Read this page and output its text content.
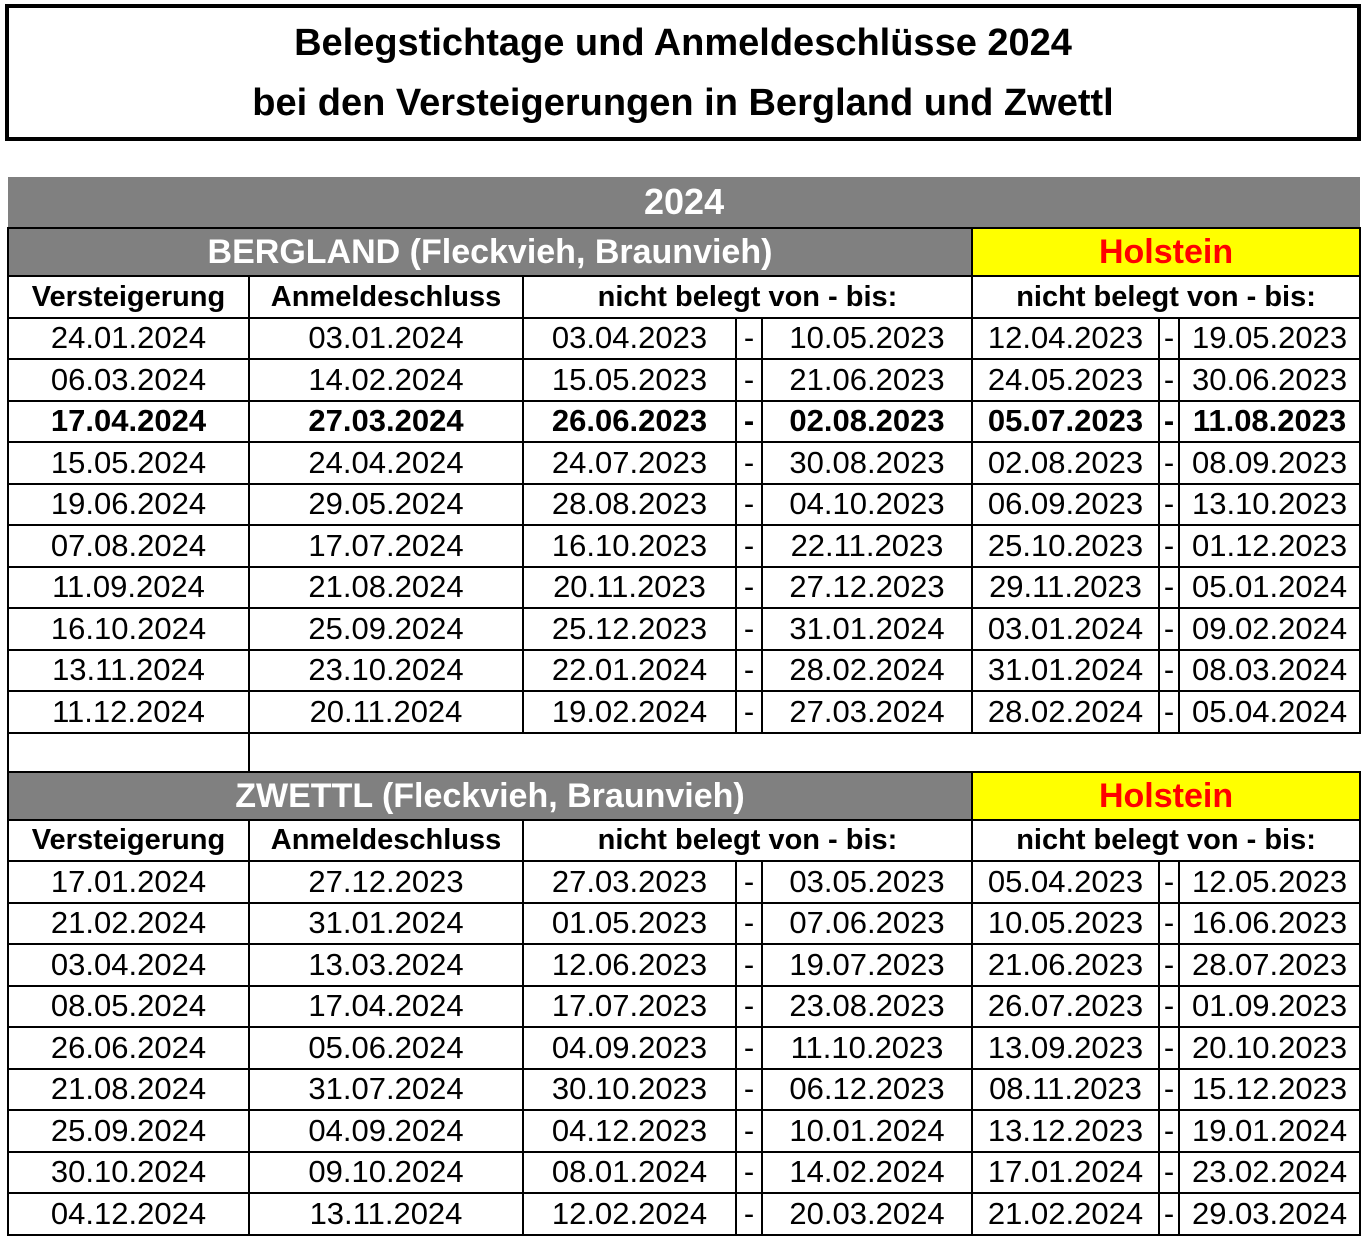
Belegstichtage und Anmeldeschlüsse 2024
bei den Versteigerungen in Bergland und Zwettl
2024							
BERGLAND (Fleckvieh, Braunvieh)					Holstein		
Versteigerung	Anmeldeschluss	nicht belegt von - bis:			nicht belegt von - bis:		
24.01.2024	03.01.2024	03.04.2023	-	10.05.2023	12.04.2023	-	19.05.2023
06.03.2024	14.02.2024	15.05.2023	-	21.06.2023	24.05.2023	-	30.06.2023
17.04.2024	27.03.2024	26.06.2023	-	02.08.2023	05.07.2023	-	11.08.2023
15.05.2024	24.04.2024	24.07.2023	-	30.08.2023	02.08.2023	-	08.09.2023
19.06.2024	29.05.2024	28.08.2023	-	04.10.2023	06.09.2023	-	13.10.2023
07.08.2024	17.07.2024	16.10.2023	-	22.11.2023	25.10.2023	-	01.12.2023
11.09.2024	21.08.2024	20.11.2023	-	27.12.2023	29.11.2023	-	05.01.2024
16.10.2024	25.09.2024	25.12.2023	-	31.01.2024	03.01.2024	-	09.02.2024
13.11.2024	23.10.2024	22.01.2024	-	28.02.2024	31.01.2024	-	08.03.2024
11.12.2024	20.11.2024	19.02.2024	-	27.03.2024	28.02.2024	-	05.04.2024

ZWETTL (Fleckvieh, Braunvieh)					Holstein		
Versteigerung	Anmeldeschluss	nicht belegt von - bis:			nicht belegt von - bis:		
17.01.2024	27.12.2023	27.03.2023	-	03.05.2023	05.04.2023	-	12.05.2023
21.02.2024	31.01.2024	01.05.2023	-	07.06.2023	10.05.2023	-	16.06.2023
03.04.2024	13.03.2024	12.06.2023	-	19.07.2023	21.06.2023	-	28.07.2023
08.05.2024	17.04.2024	17.07.2023	-	23.08.2023	26.07.2023	-	01.09.2023
26.06.2024	05.06.2024	04.09.2023	-	11.10.2023	13.09.2023	-	20.10.2023
21.08.2024	31.07.2024	30.10.2023	-	06.12.2023	08.11.2023	-	15.12.2023
25.09.2024	04.09.2024	04.12.2023	-	10.01.2024	13.12.2023	-	19.01.2024
30.10.2024	09.10.2024	08.01.2024	-	14.02.2024	17.01.2024	-	23.02.2024
04.12.2024	13.11.2024	12.02.2024	-	20.03.2024	21.02.2024	-	29.03.2024
